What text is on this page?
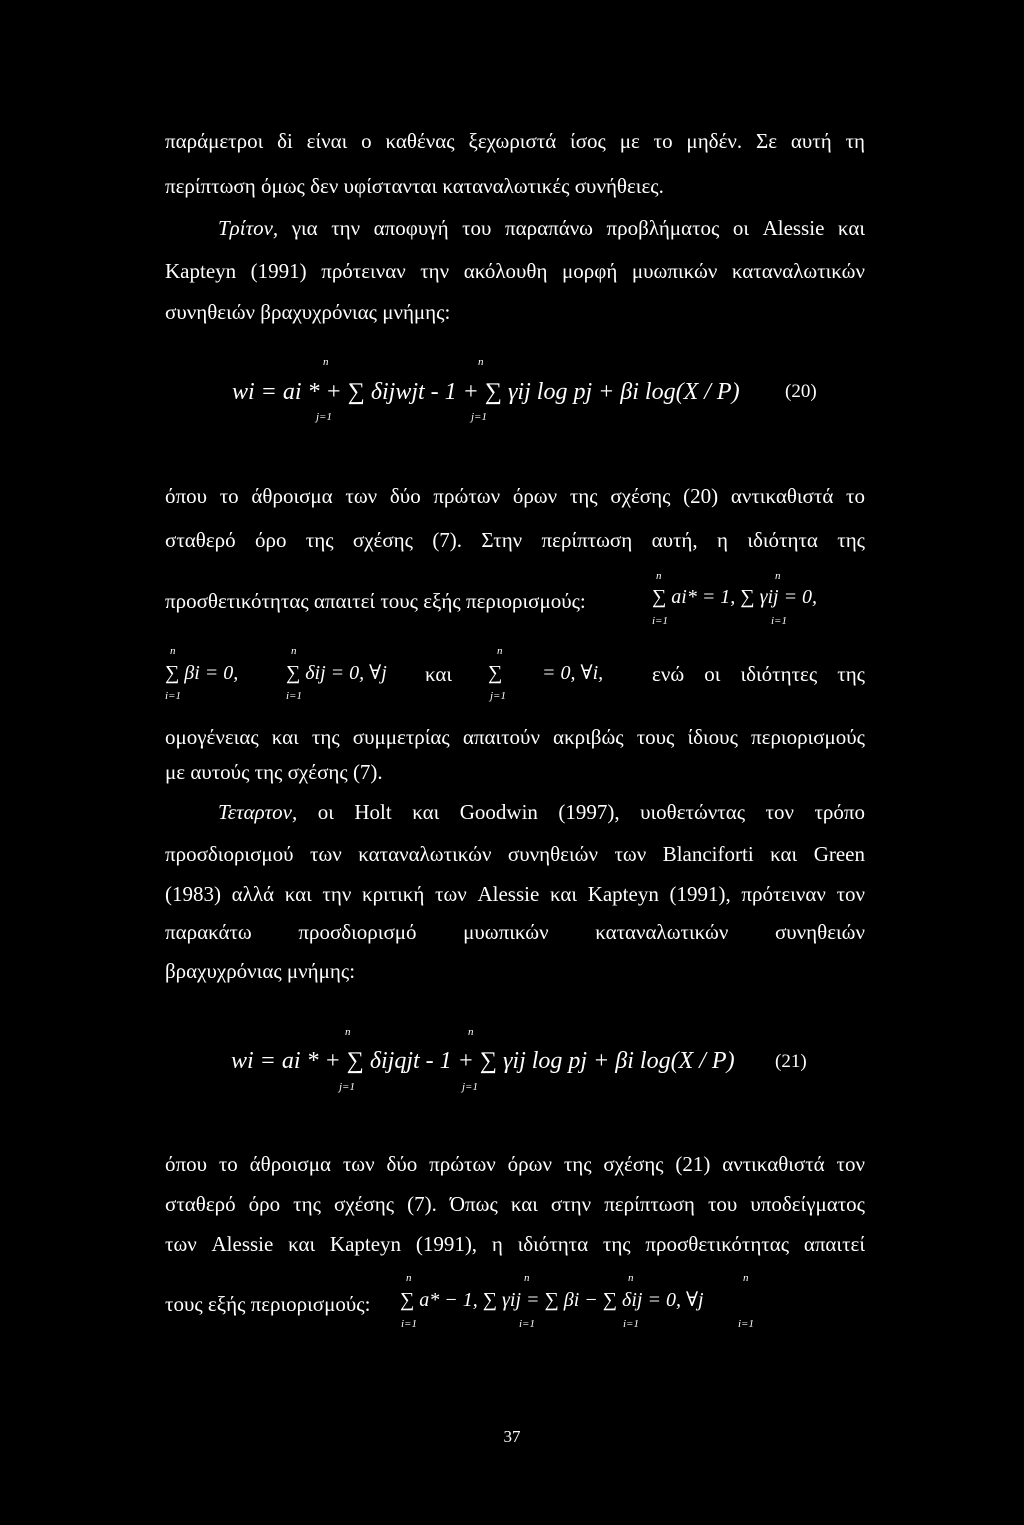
παράμετροι δi είναι ο καθένας ξεχωριστά ίσος με το μηδέν. Σε αυτή τη
περίπτωση όμως δεν υφίστανται καταναλωτικές συνήθειες.
Τρίτον, για την αποφυγή του παραπάνω προβλήματος οι Alessie και
Kapteyn (1991) πρότειναν την ακόλουθη μορφή μυωπικών καταναλωτικών
συνηθειών βραχυχρόνιας μνήμης:
wi = ai * + ∑ δijwjt - 1 + ∑ γij log pj + βi log(X / P) (20)
n
j=1
n
j=1
όπου το άθροισμα των δύο πρώτων όρων της σχέσης (20) αντικαθιστά το
σταθερό όρο της σχέσης (7). Στην περίπτωση αυτή, η ιδιότητα της
προσθετικότητας απαιτεί τους εξής περιορισμούς:	∑ ai* = 1, ∑ γij = 0,
n
i=1
n
i=1
∑ βi = 0, ∑ δij = 0, ∀j και	∑ = 0, ∀i, ενώ οι ιδιότητες της
n
i=1
n
i=1
n
j=1
ομογένειας και της συμμετρίας απαιτούν ακριβώς τους ίδιους περιορισμούς
με αυτούς της σχέσης (7).
Τεταρτον, οι Holt και Goodwin (1997), υιοθετώντας τον τρόπο
προσδιορισμού των καταναλωτικών συνηθειών των Blanciforti και Green
(1983) αλλά και την κριτική των Alessie και Kapteyn (1991), πρότειναν τον
παρακάτω προσδιορισμό μυωπικών καταναλωτικών συνηθειών
βραχυχρόνιας μνήμης:
wi = ai * + ∑ δijqjt - 1 + ∑ γij log pj + βi log(X / P) (21)
n
j=1
n
j=1
όπου το άθροισμα των δύο πρώτων όρων της σχέσης (21) αντικαθιστά τον
σταθερό όρο της σχέσης (7). Όπως και στην περίπτωση του υποδείγματος
των Alessie και Kapteyn (1991), η ιδιότητα της προσθετικότητας απαιτεί
τους εξής περιορισμούς:	∑ a* − 1, ∑ γij = ∑ βi − ∑ δij = 0, ∀j
n
i=1
n
i=1
n
i=1
n
i=1
37
